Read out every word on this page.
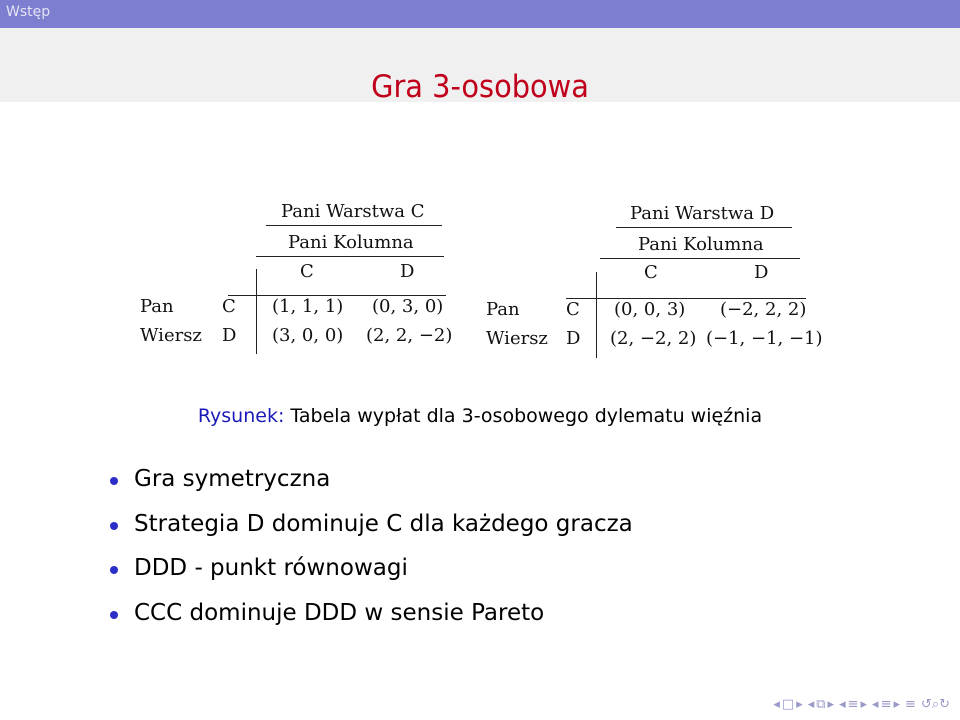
Wstęp
Gra 3-osobowa
Pani Warstwa C
Pani Kolumna
C	D
Pan
Wiersz
C
D
(1, 1, 1) (0, 3, 0)
(3, 0, 0) (2, 2, −2)
Pani Warstwa D
Pani Kolumna
C	D
Pan
Wiersz
C
D
(0, 0, 3) (−2, 2, 2)
(2, −2, 2) (−1, −1, −1)
Rysunek: Tabela wypłat dla 3-osobowego dylematu więźnia
Gra symetryczna
Strategia D dominuje C dla każdego gracza
DDD - punkt równowagi
CCC dominuje DDD w sensie Pareto
◂ □ ▸ ◂ ⧉ ▸ ◂ ≡ ▸ ◂ ≡ ▸ ≡ ↺⌕↻
